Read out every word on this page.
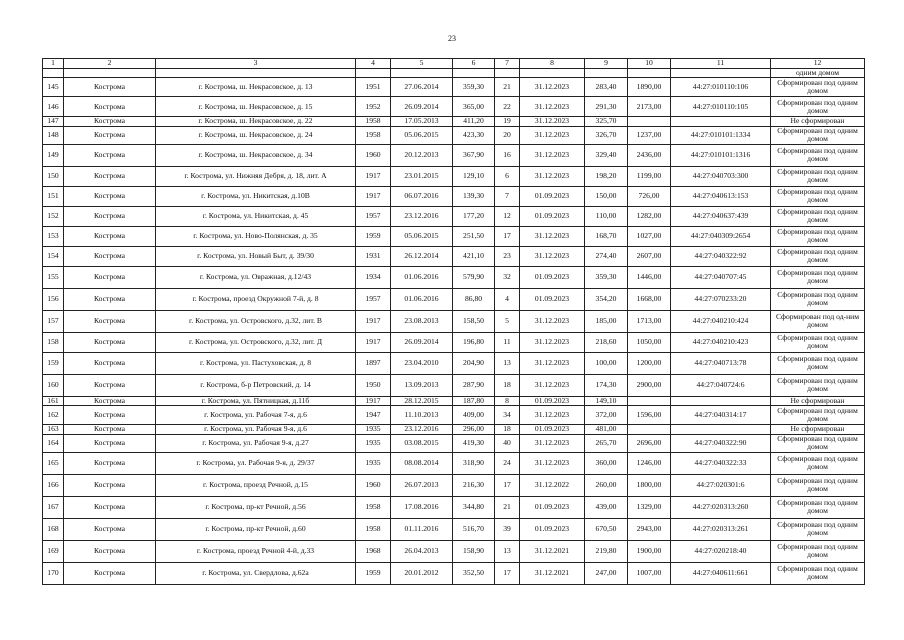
23
1	2	3	4	5	6	7	8	9	10	11	12
											одним домом
145	Кострома	г. Кострома, ш. Некрасовское, д. 13	1951	27.06.2014	359,30	21	31.12.2023	283,40	1890,00	44:27:010110:106	Сформирован под одним домом
146	Кострома	г. Кострома, ш. Некрасовское, д. 15	1952	26.09.2014	365,00	22	31.12.2023	291,30	2173,00	44:27:010110:105	Сформирован под одним домом
147	Кострома	г. Кострома, ш. Некрасовское, д. 22	1958	17.05.2013	411,20	19	31.12.2023	325,70			Не сформирован
148	Кострома	г. Кострома, ш. Некрасовское, д. 24	1958	05.06.2015	423,30	20	31.12.2023	326,70	1237,00	44:27:010101:1334	Сформирован под одним домом
149	Кострома	г. Кострома, ш. Некрасовское, д. 34	1960	20.12.2013	367,90	16	31.12.2023	329,40	2436,00	44:27:010101:1316	Сформирован под одним домом
150	Кострома	г. Кострома, ул. Нижняя Дебря, д. 18, лит. А	1917	23.01.2015	129,10	6	31.12.2023	198,20	1199,00	44:27:040703:300	Сформирован под одним домом
151	Кострома	г. Кострома, ул. Никитская, д.10В	1917	06.07.2016	139,30	7	01.09.2023	150,00	726,00	44:27:040613:153	Сформирован под одним домом
152	Кострома	г. Кострома, ул. Никитская, д. 45	1957	23.12.2016	177,20	12	01.09.2023	110,00	1282,00	44:27:040637:439	Сформирован под одним домом
153	Кострома	г. Кострома, ул. Ново-Полянская, д. 35	1959	05.06.2015	251,50	17	31.12.2023	168,70	1027,00	44:27:040309:2654	Сформирован под одним домом
154	Кострома	г. Кострома, ул. Новый Быт, д. 39/30	1931	26.12.2014	421,10	23	31.12.2023	274,40	2607,00	44:27:040322:92	Сформирован под одним домом
155	Кострома	г. Кострома, ул. Овражная, д.12/43	1934	01.06.2016	579,90	32	01.09.2023	359,30	1446,00	44:27:040707:45	Сформирован под одним домом
156	Кострома	г. Кострома, проезд Окружной 7-й, д. 8	1957	01.06.2016	86,80	4	01.09.2023	354,20	1668,00	44:27:070233:20	Сформирован под одним домом
157	Кострома	г. Кострома, ул. Островского, д.32, лит. В	1917	23.08.2013	158,50	5	31.12.2023	185,00	1713,00	44:27:040210:424	Сформирован под од-ним домом
158	Кострома	г. Кострома, ул. Островского, д.32, лит. Д	1917	26.09.2014	196,80	11	31.12.2023	218,60	1050,00	44:27:040210:423	Сформирован под одним домом
159	Кострома	г. Кострома, ул. Пастуховская, д. 8	1897	23.04.2010	204,90	13	31.12.2023	100,00	1200,00	44:27:040713:78	Сформирован под одним домом
160	Кострома	г. Кострома, б-р Петровский, д. 14	1950	13.09.2013	287,90	18	31.12.2023	174,30	2900,00	44:27:040724:6	Сформирован под одним домом
161	Кострома	г. Кострома, ул. Пятницкая, д.11б	1917	28.12.2015	187,80	8	01.09.2023	149,10			Не сформирован
162	Кострома	г. Кострома, ул. Рабочая 7-я, д.6	1947	11.10.2013	409,00	34	31.12.2023	372,00	1596,00	44:27:040314:17	Сформирован под одним домом
163	Кострома	г. Кострома, ул. Рабочая 9-я, д.6	1935	23.12.2016	296,00	18	01.09.2023	481,00			Не сформирован
164	Кострома	г. Кострома, ул. Рабочая 9-я, д.27	1935	03.08.2015	419,30	40	31.12.2023	265,70	2696,00	44:27:040322:90	Сформирован под одним домом
165	Кострома	г. Кострома, ул. Рабочая 9-я, д. 29/37	1935	08.08.2014	318,90	24	31.12.2023	360,00	1246,00	44:27:040322:33	Сформирован под одним домом
166	Кострома	г. Кострома, проезд Речной, д.15	1960	26.07.2013	216,30	17	31.12.2022	260,00	1800,00	44:27:020301:6	Сформирован под одним домом
167	Кострома	г. Кострома, пр-кт Речной, д.56	1958	17.08.2016	344,80	21	01.09.2023	439,00	1329,00	44:27:020313:260	Сформирован под одним домом
168	Кострома	г. Кострома, пр-кт Речной, д.60	1958	01.11.2016	516,70	39	01.09.2023	670,50	2943,00	44:27:020313:261	Сформирован под одним домом
169	Кострома	г. Кострома, проезд Речной 4-й, д.33	1968	26.04.2013	158,90	13	31.12.2021	219,80	1900,00	44:27:020218:40	Сформирован под одним домом
170	Кострома	г. Кострома, ул. Свердлова, д.62а	1959	20.01.2012	352,50	17	31.12.2021	247,00	1007,00	44:27:040611:661	Сформирован под одним домом
